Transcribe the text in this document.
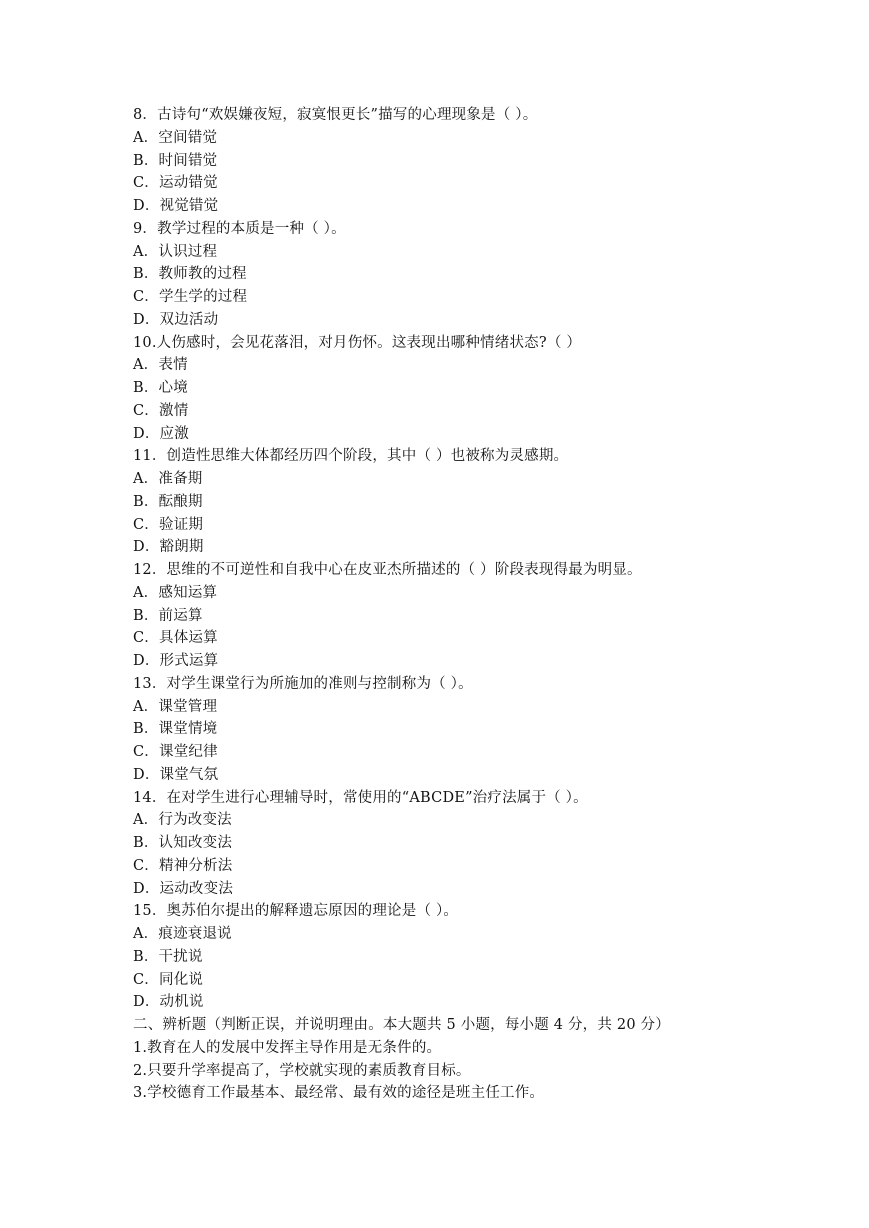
8．古诗句“欢娱嫌夜短，寂寞恨更长”描写的心理现象是（ ）。
A．空间错觉
B．时间错觉
C．运动错觉
D．视觉错觉
9．教学过程的本质是一种（ ）。
A．认识过程
B．教师教的过程
C．学生学的过程
D．双边活动
10.人伤感时，会见花落泪，对月伤怀。这表现出哪种情绪状态?（ ）
A．表情
B．心境
C．激情
D．应激
11．创造性思维大体都经历四个阶段，其中（ ）也被称为灵感期。
A．准备期
B．酝酿期
C．验证期
D．豁朗期
12．思维的不可逆性和自我中心在皮亚杰所描述的（ ）阶段表现得最为明显。
A．感知运算
B．前运算
C．具体运算
D．形式运算
13．对学生课堂行为所施加的准则与控制称为（ ）。
A．课堂管理
B．课堂情境
C．课堂纪律
D．课堂气氛
14．在对学生进行心理辅导时，常使用的“ABCDE”治疗法属于（ ）。
A．行为改变法
B．认知改变法
C．精神分析法
D．运动改变法
15．奥苏伯尔提出的解释遗忘原因的理论是（ ）。
A．痕迹衰退说
B．干扰说
C．同化说
D．动机说
二、辨析题（判断正误，并说明理由。本大题共 5 小题，每小题 4 分，共 20 分）
1.教育在人的发展中发挥主导作用是无条件的。
2.只要升学率提高了，学校就实现的素质教育目标。
3.学校德育工作最基本、最经常、最有效的途径是班主任工作。
